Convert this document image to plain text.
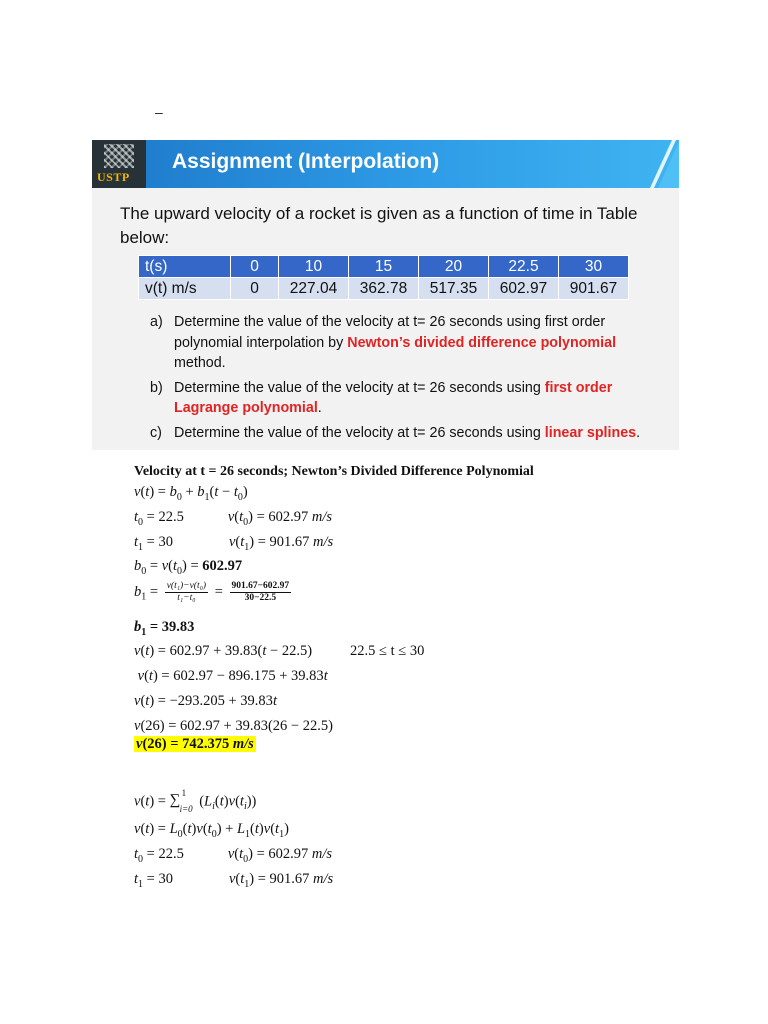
–
USTP
Assignment (Interpolation)
The upward velocity of a rocket is given as a function of time in Table below:
t(s)	0	10	15	20	22.5	30
v(t) m/s	0	227.04	362.78	517.35	602.97	901.67
a) Determine the value of the velocity at t= 26 seconds using first order polynomial interpolation by Newton’s divided difference polynomial method.
b) Determine the value of the velocity at t= 26 seconds using first order Lagrange polynomial.
c) Determine the value of the velocity at t= 26 seconds using linear splines.
Velocity at t = 26 seconds; Newton’s Divided Difference Polynomial
$v(t) = b_0 + b_1(t - t_0)$
$t_0 = 22.5$	$v(t_0) = 602.97$ m/s
$t_1 = 30$	$v(t_1) = 901.67$ m/s
$b_0 = v(t_0) = 602.97$
$b_1 = \frac{\text{v(t₁)−v(t₀)}}{\text{t₁−t₀}} = \frac{901.67-602.97}{30-22.5}$
$b_1 = 39.83$
v(t) = 602.97 + 39.83(t − 22.5)	22.5 ≤ t ≤ 30
v(t) = 602.97 − 896.175 + 39.83t
v(t) = −293.205 + 39.83t
v(26) = 602.97 + 39.83(26 − 22.5)
v(26) = 742.375 m/s
v(t) = ∑ 1
i=0 $(L_i(t)v(t_i))$
$v(t) = L_0(t)v(t_0) + L_1(t)v(t_1)$
$t_0 = 22.5$	$v(t_0) = 602.97$ m/s
$t_1 = 30$	$v(t_1) = 901.67$ m/s
